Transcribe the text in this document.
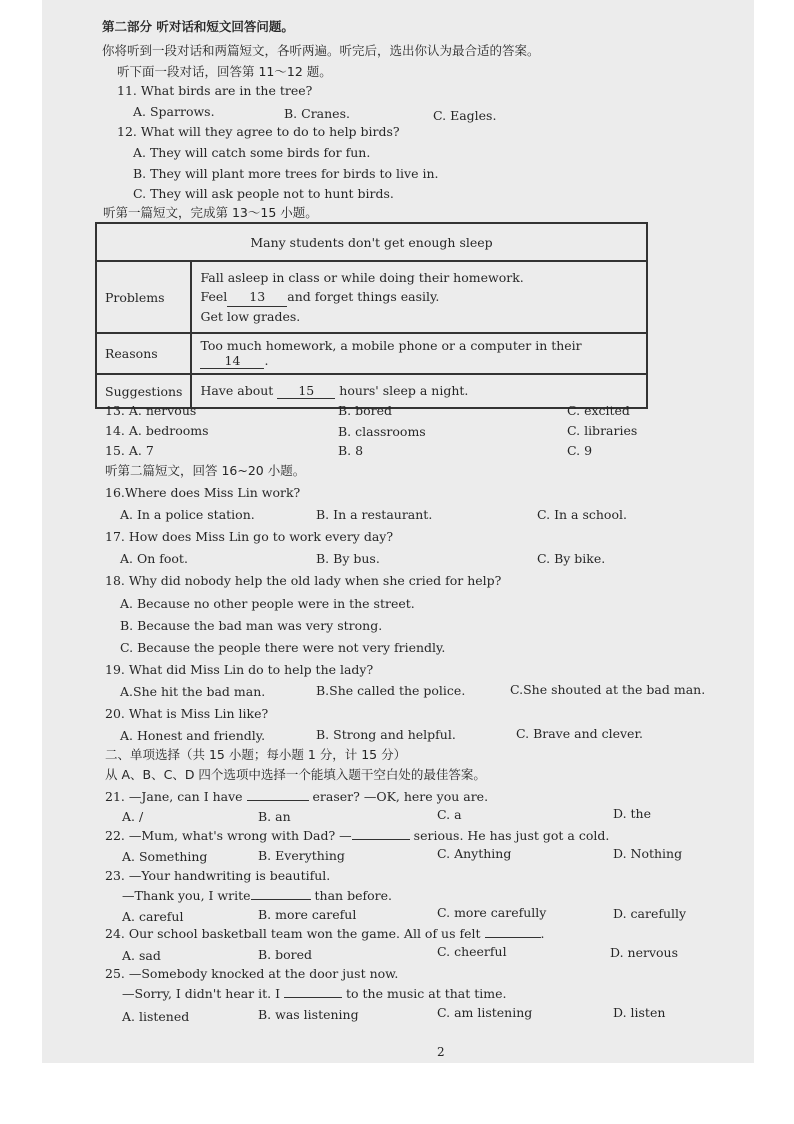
第二部分 听对话和短文回答问题。
你将听到一段对话和两篇短文，各听两遍。听完后，选出你认为最合适的答案。
听下面一段对话，回答第 11～12 题。
11. What birds are in the tree?
A. Sparrows.	B. Cranes.	C. Eagles.
12. What will they agree to do to help birds?
A. They will catch some birds for fun.
B. They will plant more trees for birds to live in.
C. They will ask people not to hunt birds.
听第一篇短文，完成第 13～15 小题。
Many students don't get enough sleep	
Problems	Fall asleep in class or while doing their homework.
Feel 13 and forget things easily.
Get low grades.

Reasons	Too much homework, a mobile phone or a computer in their14 .
Suggestions	Have about 15 hours' sleep a night.
13. A. nervous	B. bored	C. excited
14. A. bedrooms	B. classrooms	C. libraries
15. A. 7	B. 8	C. 9
听第二篇短文，回答 16~20 小题。
16.Where does Miss Lin work?
A. In a police station.	B. In a restaurant.	C. In a school.
17. How does Miss Lin go to work every day?
A. On foot.	B. By bus.	C. By bike.
18. Why did nobody help the old lady when she cried for help?
A. Because no other people were in the street.
B. Because the bad man was very strong.
C. Because the people there were not very friendly.
19. What did Miss Lin do to help the lady?
A.She hit the bad man.	B.She called the police.	C.She shouted at the bad man.
20. What is Miss Lin like?
A. Honest and friendly.	B. Strong and helpful.	C. Brave and clever.
二、单项选择（共 15 小题；每小题 1 分，计 15 分）
从 A、B、C、D 四个选项中选择一个能填入题干空白处的最佳答案。
21. —Jane, can I have	eraser? —OK, here you are.
A. /	B. an	C. a	D. the
22. —Mum, what's wrong with Dad? —	serious. He has just got a cold.
A. Something	B. Everything	C. Anything	D. Nothing
23. —Your handwriting is beautiful.
—Thank you, I write	than before.
A. careful	B. more careful	C. more carefully	D. carefully
24. Our school basketball team won the game. All of us felt	.
A. sad	B. bored	C. cheerful	D. nervous
25. —Somebody knocked at the door just now.
—Sorry, I didn't hear it. I	to the music at that time.
A. listened	B. was listening	C. am listening	D. listen
2
